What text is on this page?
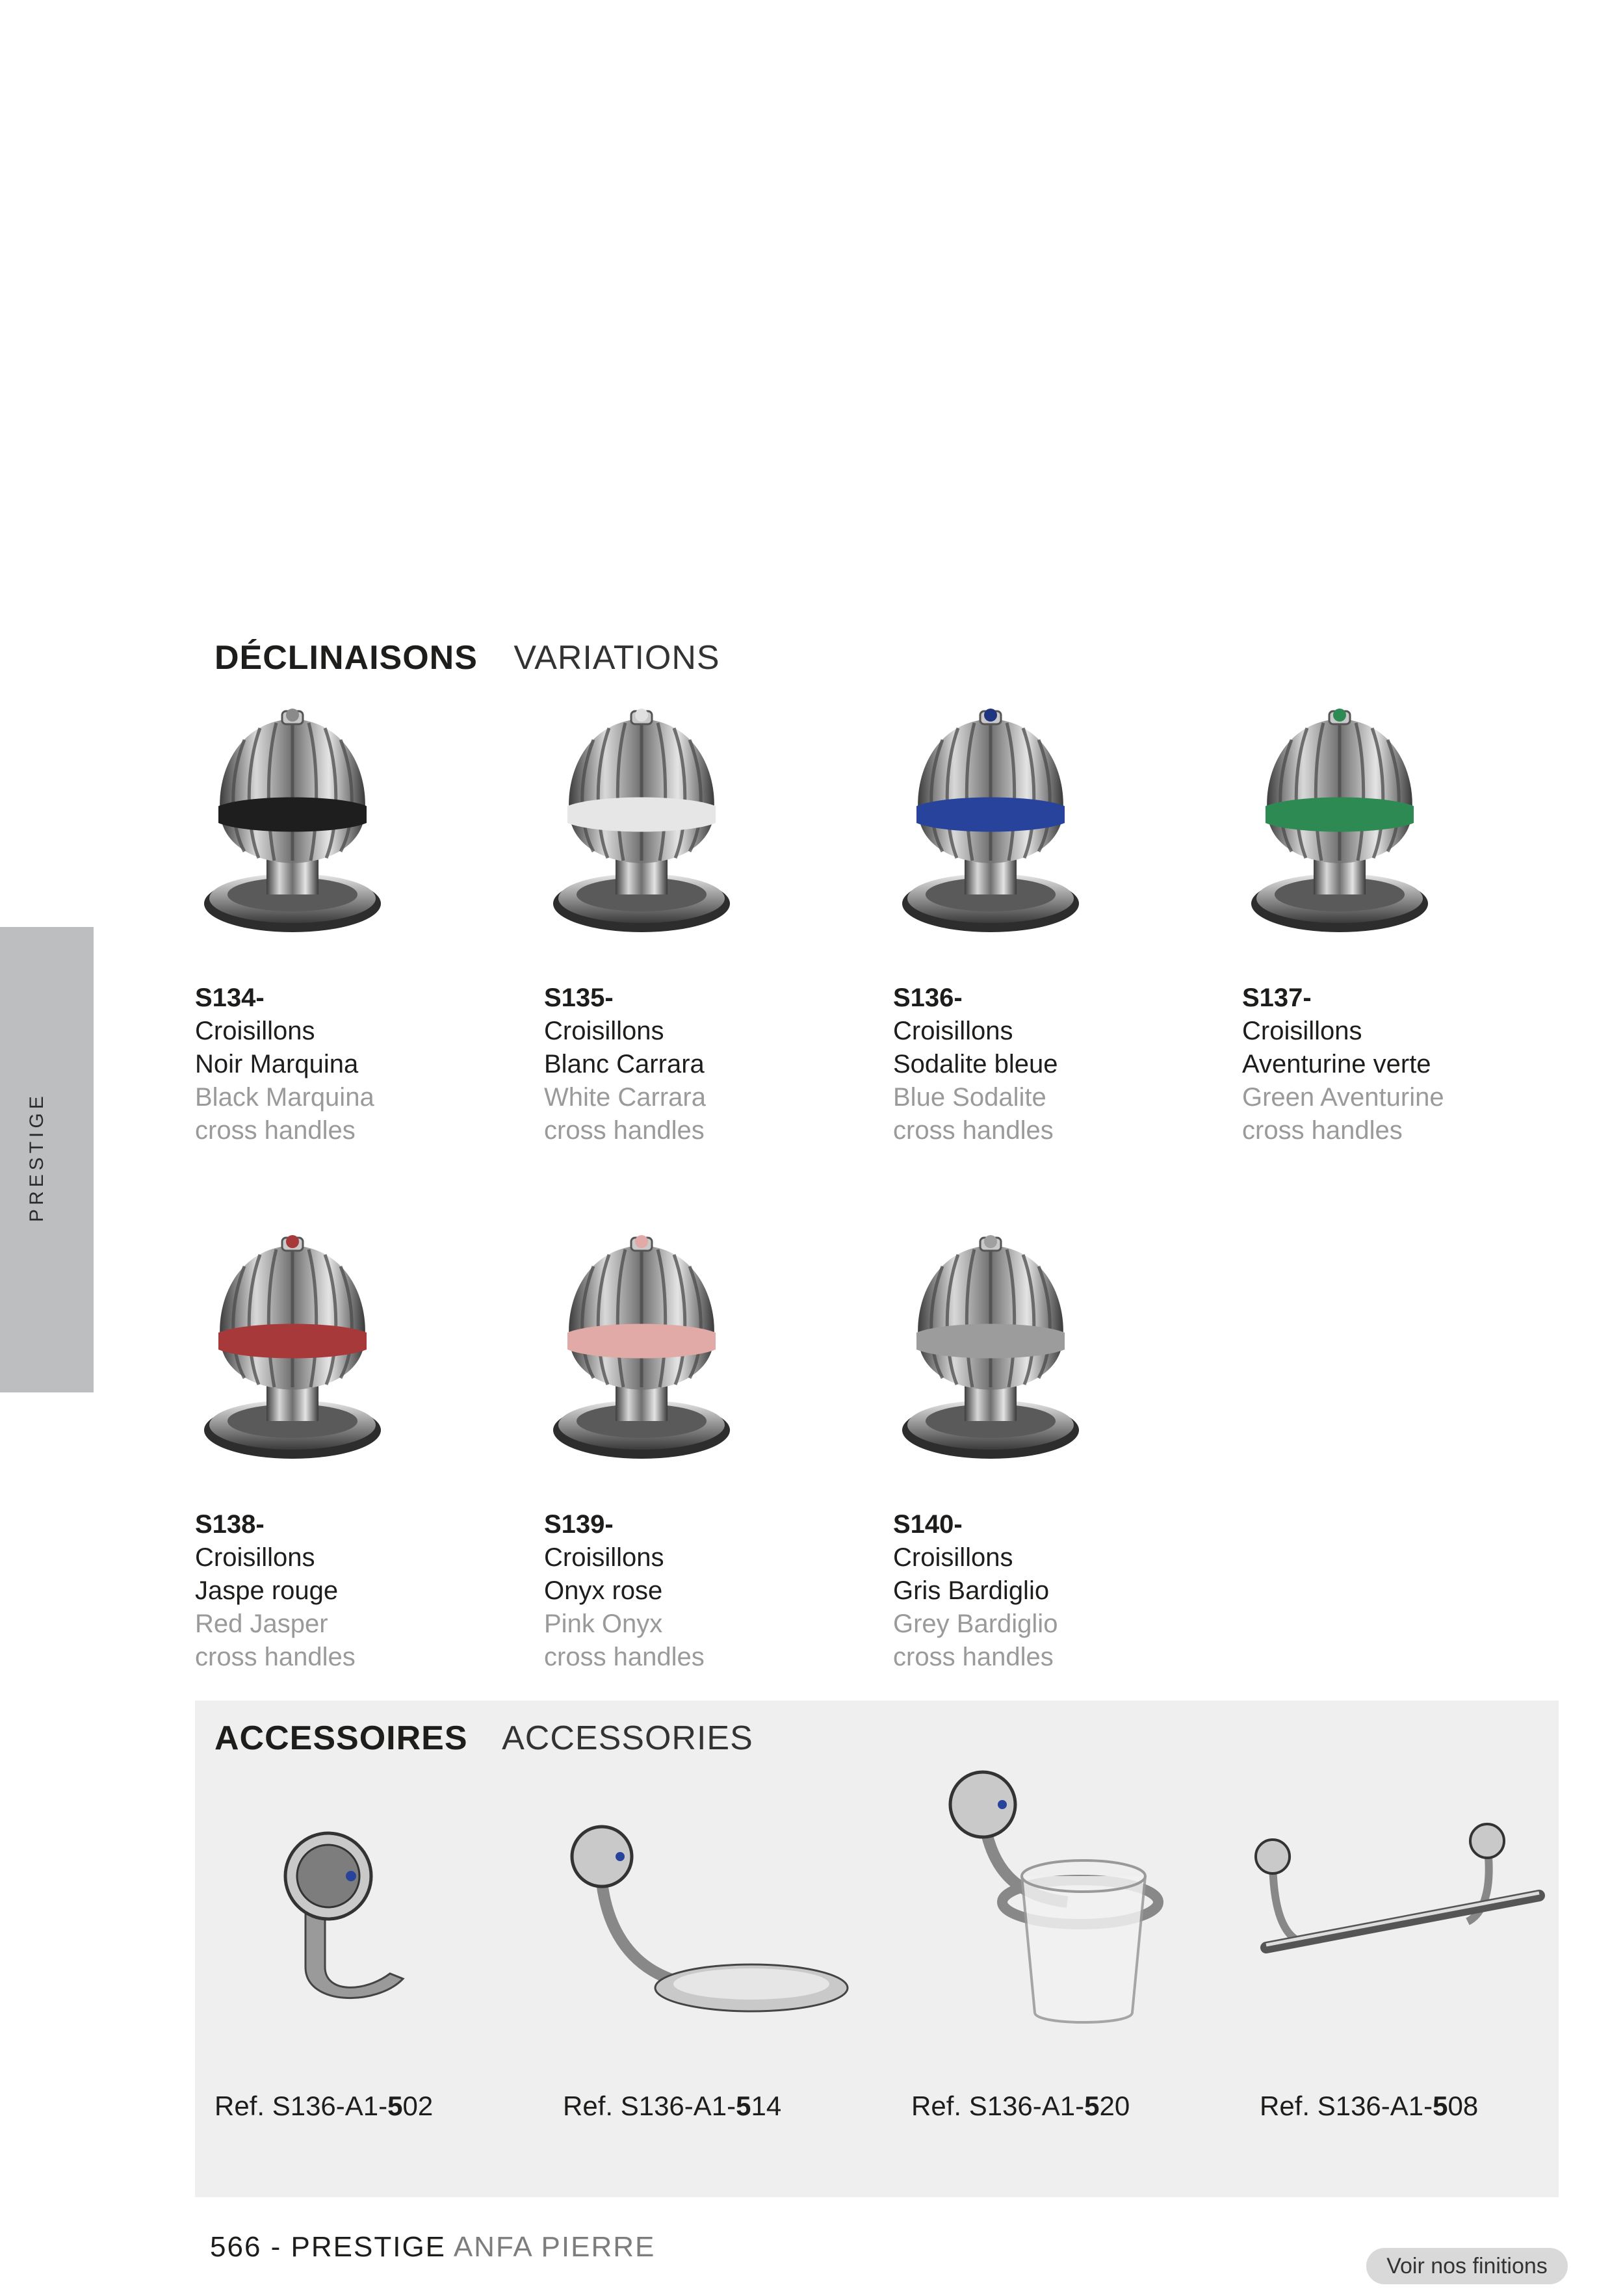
PRESTIGE
DÉCLINAISONS VARIATIONS
S134-
Croisillons
Noir Marquina
Black Marquina
cross handles
S135-
Croisillons
Blanc Carrara
White Carrara
cross handles
S136-
Croisillons
Sodalite bleue
Blue Sodalite
cross handles
S137-
Croisillons
Aventurine verte
Green Aventurine
cross handles
S138-
Croisillons
Jaspe rouge
Red Jasper
cross handles
S139-
Croisillons
Onyx rose
Pink Onyx
cross handles
S140-
Croisillons
Gris Bardiglio
Grey Bardiglio
cross handles
ACCESSOIRES ACCESSORIES
Ref. S136-A1-502	Ref. S136-A1-514	Ref. S136-A1-520	Ref. S136-A1-508
566 - PRESTIGE ANFA PIERRE
Voir nos finitions
